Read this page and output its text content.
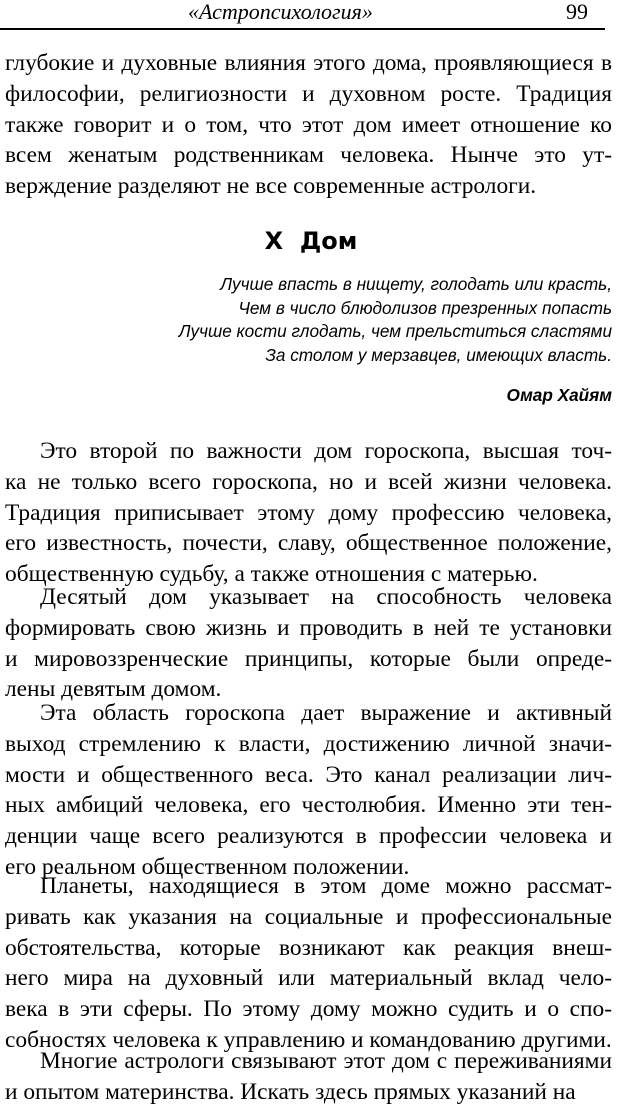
«Астропсихология»	99

глубокие и духовные влияния этого дома, проявляющиеся в
философии, религиозности и духовном росте. Традиция
также говорит и о том, что этот дом имеет отношение ко
всем женатым родственникам человека. Нынче это ут-
верждение разделяют не все современные астрологи.

X  Дом
Лучше впасть в нищету, голодать или красть,
Чем в число блюдолизов презренных попасть
Лучше кости глодать, чем прельститься сластями
За столом у мерзавцев, имеющих власть.
Омар Хайям

Это второй по важности дом гороскопа, высшая точ-
ка не только всего гороскопа, но и всей жизни человека.
Традиция приписывает этому дому профессию человека,
его известность, почести, славу, общественное положение,
общественную судьбу, а также отношения с матерью.

Десятый дом указывает на способность человека
формировать свою жизнь и проводить в ней те установки
и мировоззренческие принципы, которые были опреде-
лены девятым домом.

Эта область гороскопа дает выражение и активный
выход стремлению к власти, достижению личной значи-
мости и общественного веса. Это канал реализации лич-
ных амбиций человека, его честолюбия. Именно эти тен-
денции чаще всего реализуются в профессии человека и
его реальном общественном положении.

Планеты, находящиеся в этом доме можно рассмат-
ривать как указания на социальные и профессиональные
обстоятельства, которые возникают как реакция внеш-
него мира на духовный или материальный вклад чело-
века в эти сферы. По этому дому можно судить и о спо-
собностях человека к управлению и командованию другими.

Многие астрологи связывают этот дом с переживаниями
и опытом материнства. Искать здесь прямых указаний на
